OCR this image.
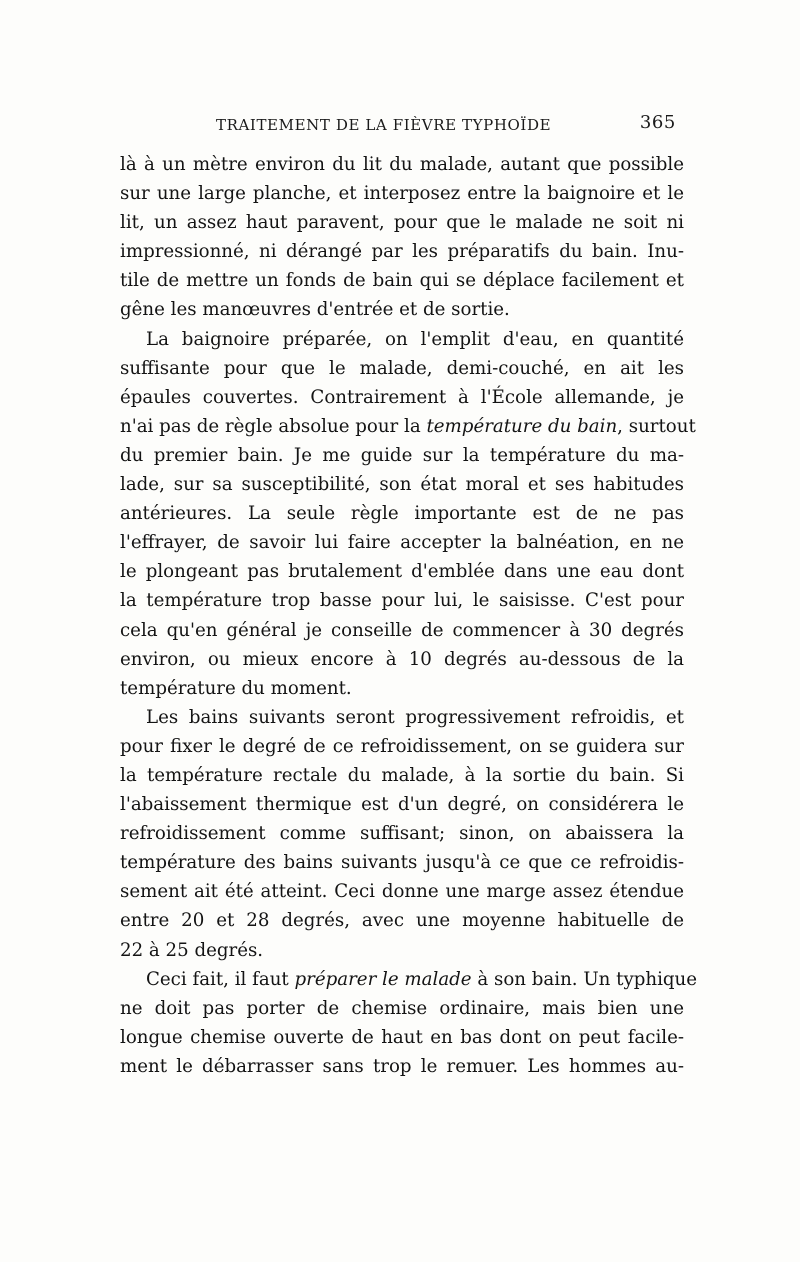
TRAITEMENT DE LA FIÈVRE TYPHOÏDE	365
là à un mètre environ du lit du malade, autant que possible
sur une large planche, et interposez entre la baignoire et le
lit, un assez haut paravent, pour que le malade ne soit ni
impressionné, ni dérangé par les préparatifs du bain. Inu-
tile de mettre un fonds de bain qui se déplace facilement et
gêne les manœuvres d'entrée et de sortie.
La baignoire préparée, on l'emplit d'eau, en quantité
suffisante pour que le malade, demi-couché, en ait les
épaules couvertes. Contrairement à l'École allemande, je
n'ai pas de règle absolue pour la température du bain, surtout
du premier bain. Je me guide sur la température du ma-
lade, sur sa susceptibilité, son état moral et ses habitudes
antérieures. La seule règle importante est de ne pas
l'effrayer, de savoir lui faire accepter la balnéation, en ne
le plongeant pas brutalement d'emblée dans une eau dont
la température trop basse pour lui, le saisisse. C'est pour
cela qu'en général je conseille de commencer à 30 degrés
environ, ou mieux encore à 10 degrés au-dessous de la
température du moment.
Les bains suivants seront progressivement refroidis, et
pour fixer le degré de ce refroidissement, on se guidera sur
la température rectale du malade, à la sortie du bain. Si
l'abaissement thermique est d'un degré, on considérera le
refroidissement comme suffisant; sinon, on abaissera la
température des bains suivants jusqu'à ce que ce refroidis-
sement ait été atteint. Ceci donne une marge assez étendue
entre 20 et 28 degrés, avec une moyenne habituelle de
22 à 25 degrés.
Ceci fait, il faut préparer le malade à son bain. Un typhique
ne doit pas porter de chemise ordinaire, mais bien une
longue chemise ouverte de haut en bas dont on peut facile-
ment le débarrasser sans trop le remuer. Les hommes au-
